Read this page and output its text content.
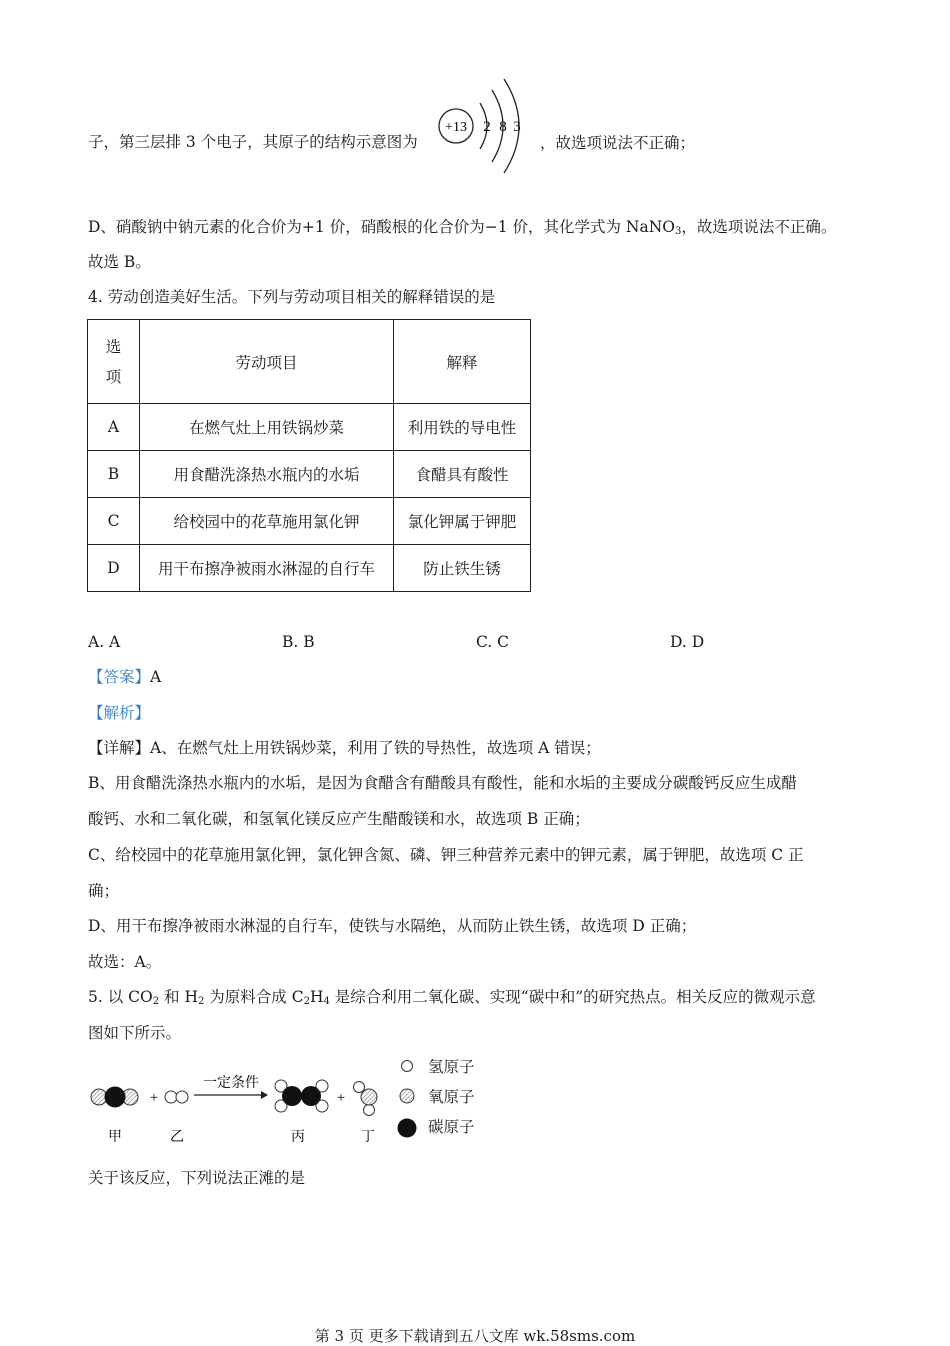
子，第三层排 3 个电子，其原子的结构示意图为
+13 2 8 3
，故选项说法不正确；
D、硝酸钠中钠元素的化合价为+1 价，硝酸根的化合价为−1 价，其化学式为 NaNO$_3$，故选项说法不正确。
故选 B。
4. 劳动创造美好生活。下列与劳动项目相关的解释错误的是
选
项	劳动项目	解释
A	在燃气灶上用铁锅炒菜	利用铁的导电性
B	用食醋洗涤热水瓶内的水垢	食醋具有酸性
C	给校园中的花草施用氯化钾	氯化钾属于钾肥
D	用干布擦净被雨水淋湿的自行车	防止铁生锈
A. A	B. B	C. C	D. D
【答案】A
【解析】
【详解】A、在燃气灶上用铁锅炒菜，利用了铁的导热性，故选项 A 错误；
B、用食醋洗涤热水瓶内的水垢，是因为食醋含有醋酸具有酸性，能和水垢的主要成分碳酸钙反应生成醋
酸钙、水和二氧化碳，和氢氧化镁反应产生醋酸镁和水，故选项 B 正确；
C、给校园中的花草施用氯化钾，氯化钾含氮、磷、钾三种营养元素中的钾元素，属于钾肥，故选项 C 正
确；
D、用干布擦净被雨水淋湿的自行车，使铁与水隔绝，从而防止铁生锈，故选项 D 正确；
故选：A。
5. 以 $CO_2$ 和 $H_2$ 为原料合成 $C_2H_4$ 是综合利用二氧化碳、实现“碳中和”的研究热点。相关反应的微观示意
图如下所示。
+
一定条件
+
甲	乙	丙	丁
氢原子
氧原子
碳原子
关于该反应，下列说法正滩的是
第 3 页 更多下载请到五八文库 wk.58sms.com
